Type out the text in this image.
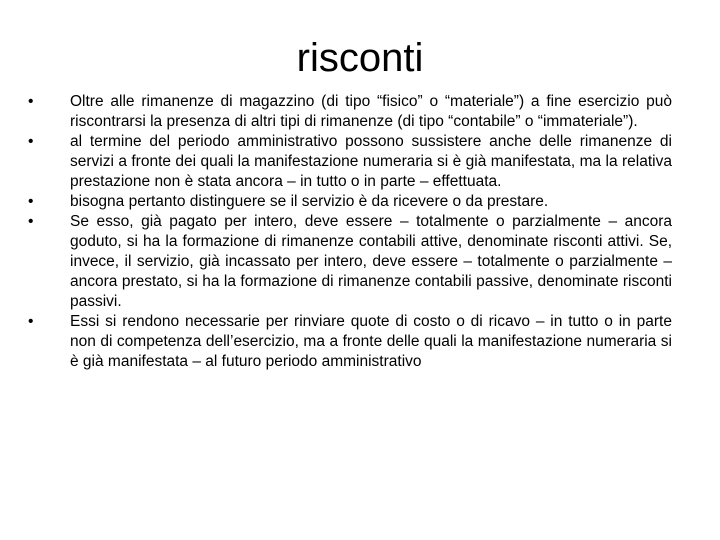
risconti
•	Oltre alle rimanenze di magazzino (di tipo “fisico” o “materiale”) a fine esercizio può riscontrarsi la presenza di altri tipi di rimanenze (di tipo “contabile” o “immateriale”).
•	al termine del periodo amministrativo possono sussistere anche delle rimanenze di servizi a fronte dei quali la manifestazione numeraria si è già manifestata, ma la relativa prestazione non è stata ancora – in tutto o in parte – effettuata.
•	bisogna pertanto distinguere se il servizio è da ricevere o da prestare.
•	Se esso, già pagato per intero, deve essere – totalmente o parzialmente – ancora goduto, si ha la formazione di rimanenze contabili attive, denominate risconti attivi. Se, invece, il servizio, già incassato per intero, deve essere – totalmente o parzialmente – ancora prestato, si ha la formazione di rimanenze contabili passive, denominate risconti passivi.
•	Essi si rendono necessarie per rinviare quote di costo o di ricavo – in tutto o in parte non di competenza dell’esercizio, ma a fronte delle quali la manifestazione numeraria si è già manifestata – al futuro periodo amministrativo
